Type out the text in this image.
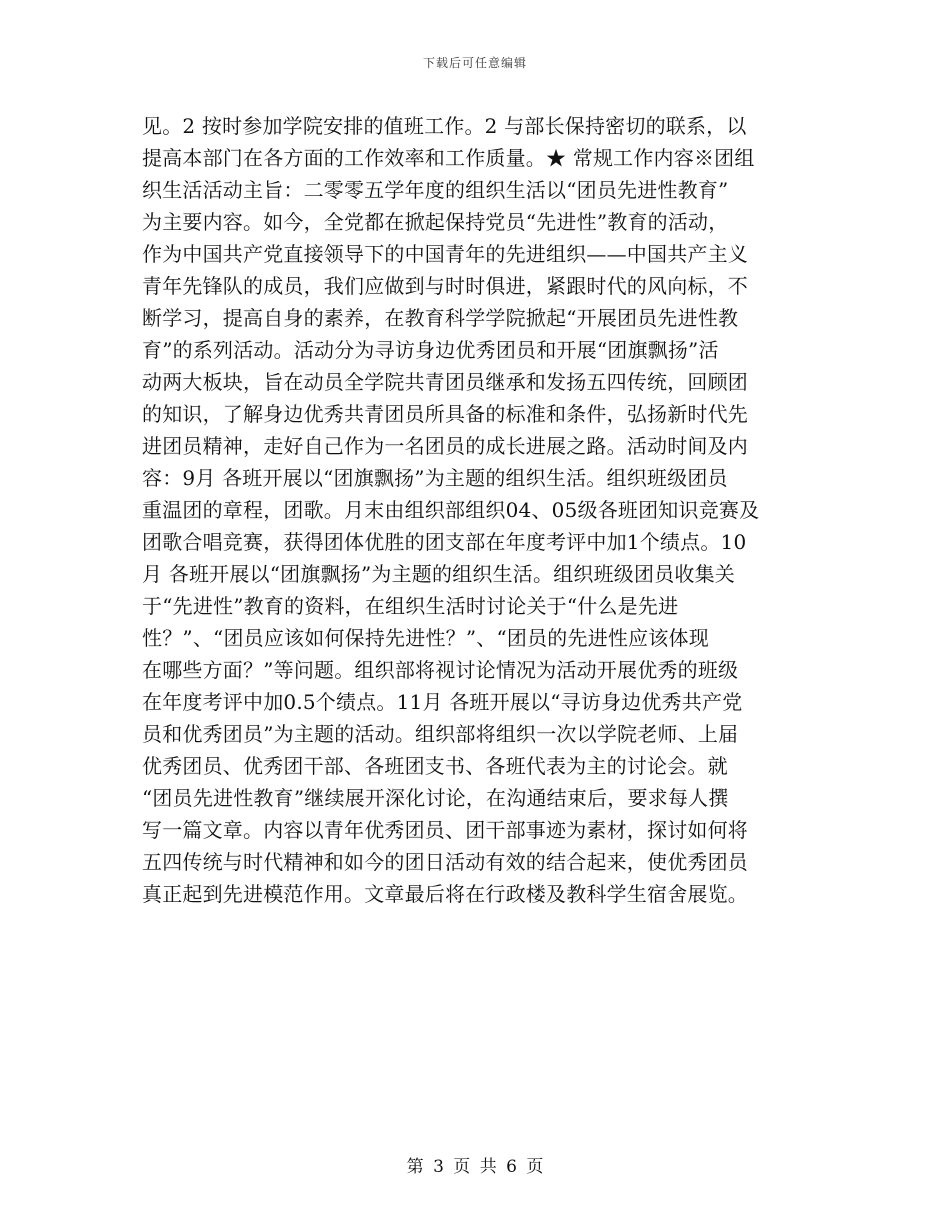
下载后可任意编辑
见。2 按时参加学院安排的值班工作。2 与部长保持密切的联系，以
提高本部门在各方面的工作效率和工作质量。★ 常规工作内容※团组
织生活活动主旨：二零零五学年度的组织生活以“团员先进性教育”
为主要内容。如今，全党都在掀起保持党员“先进性”教育的活动，
作为中国共产党直接领导下的中国青年的先进组织——中国共产主义
青年先锋队的成员，我们应做到与时时俱进，紧跟时代的风向标，不
断学习，提高自身的素养，在教育科学学院掀起“开展团员先进性教
育”的系列活动。活动分为寻访身边优秀团员和开展“团旗飘扬”活
动两大板块，旨在动员全学院共青团员继承和发扬五四传统，回顾团
的知识，了解身边优秀共青团员所具备的标准和条件，弘扬新时代先
进团员精神，走好自己作为一名团员的成长进展之路。活动时间及内
容：9月 各班开展以“团旗飘扬”为主题的组织生活。组织班级团员
重温团的章程，团歌。月末由组织部组织04、05级各班团知识竞赛及
团歌合唱竞赛，获得团体优胜的团支部在年度考评中加1个绩点。10
月 各班开展以“团旗飘扬”为主题的组织生活。组织班级团员收集关
于“先进性”教育的资料，在组织生活时讨论关于“什么是先进
性？”、“团员应该如何保持先进性？”、“团员的先进性应该体现
在哪些方面？”等问题。组织部将视讨论情况为活动开展优秀的班级
在年度考评中加0.5个绩点。11月 各班开展以“寻访身边优秀共产党
员和优秀团员”为主题的活动。组织部将组织一次以学院老师、上届
优秀团员、优秀团干部、各班团支书、各班代表为主的讨论会。就
“团员先进性教育”继续展开深化讨论，在沟通结束后，要求每人撰
写一篇文章。内容以青年优秀团员、团干部事迹为素材，探讨如何将
五四传统与时代精神和如今的团日活动有效的结合起来，使优秀团员
真正起到先进模范作用。文章最后将在行政楼及教科学生宿舍展览。
第 3 页 共 6 页
